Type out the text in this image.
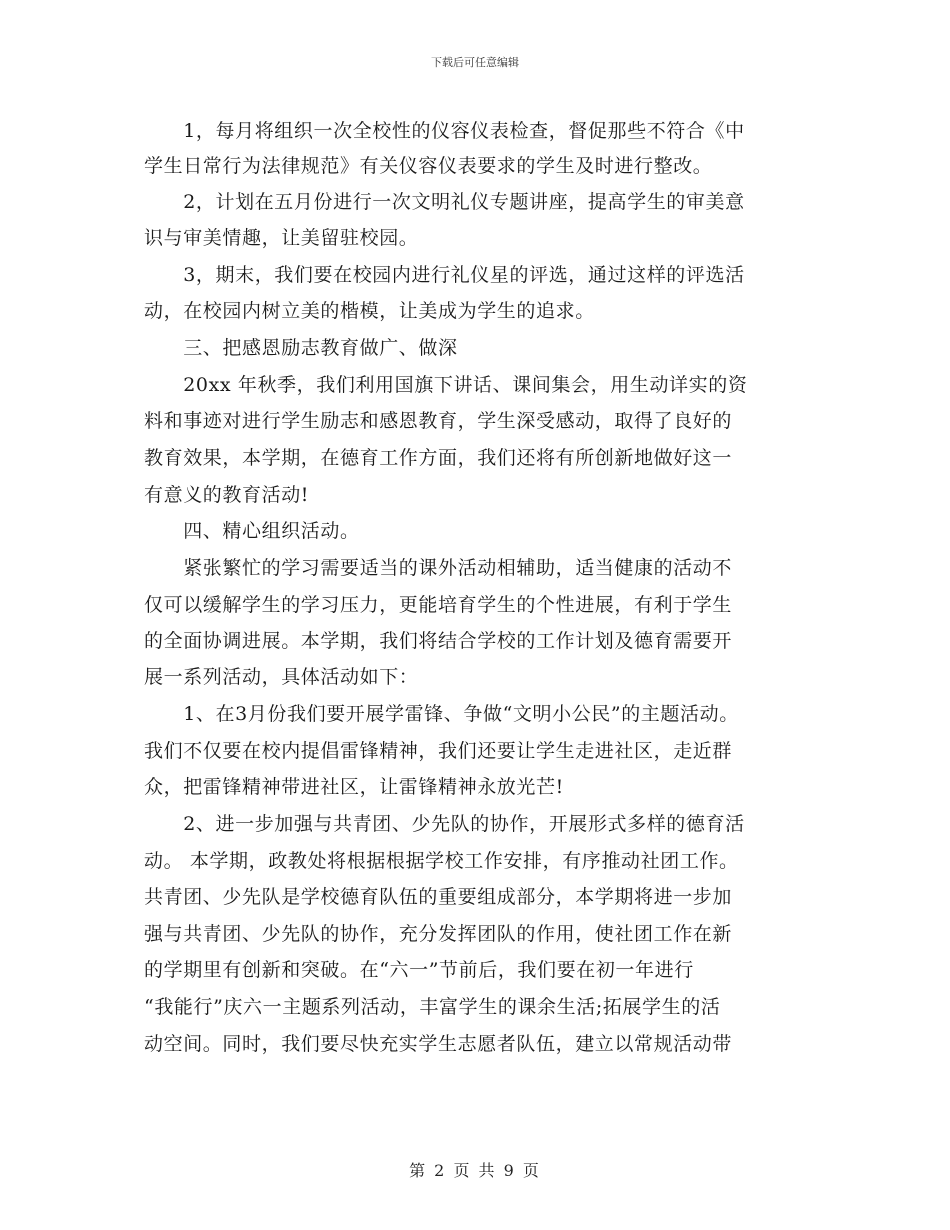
下载后可任意编辑
　　1，每月将组织一次全校性的仪容仪表检查，督促那些不符合《中
学生日常行为法律规范》有关仪容仪表要求的学生及时进行整改。
　　2，计划在五月份进行一次文明礼仪专题讲座，提高学生的审美意
识与审美情趣，让美留驻校园。
　　3，期末，我们要在校园内进行礼仪星的评选，通过这样的评选活
动，在校园内树立美的楷模，让美成为学生的追求。
　　三、把感恩励志教育做广、做深
　　20xx 年秋季，我们利用国旗下讲话、课间集会，用生动详实的资
料和事迹对进行学生励志和感恩教育，学生深受感动，取得了良好的
教育效果，本学期，在德育工作方面，我们还将有所创新地做好这一
有意义的教育活动!
　　四、精心组织活动。
　　紧张繁忙的学习需要适当的课外活动相辅助，适当健康的活动不
仅可以缓解学生的学习压力，更能培育学生的个性进展，有利于学生
的全面协调进展。本学期，我们将结合学校的工作计划及德育需要开
展一系列活动，具体活动如下：
　　1、在3月份我们要开展学雷锋、争做“文明小公民”的主题活动。
我们不仅要在校内提倡雷锋精神，我们还要让学生走进社区，走近群
众，把雷锋精神带进社区，让雷锋精神永放光芒!
　　2、进一步加强与共青团、少先队的协作，开展形式多样的德育活
动。 本学期，政教处将根据根据学校工作安排，有序推动社团工作。
共青团、少先队是学校德育队伍的重要组成部分，本学期将进一步加
强与共青团、少先队的协作，充分发挥团队的作用，使社团工作在新
的学期里有创新和突破。在“六一”节前后，我们要在初一年进行
“我能行”庆六一主题系列活动，丰富学生的课余生活;拓展学生的活
动空间。同时，我们要尽快充实学生志愿者队伍，建立以常规活动带
第 2 页 共 9 页
